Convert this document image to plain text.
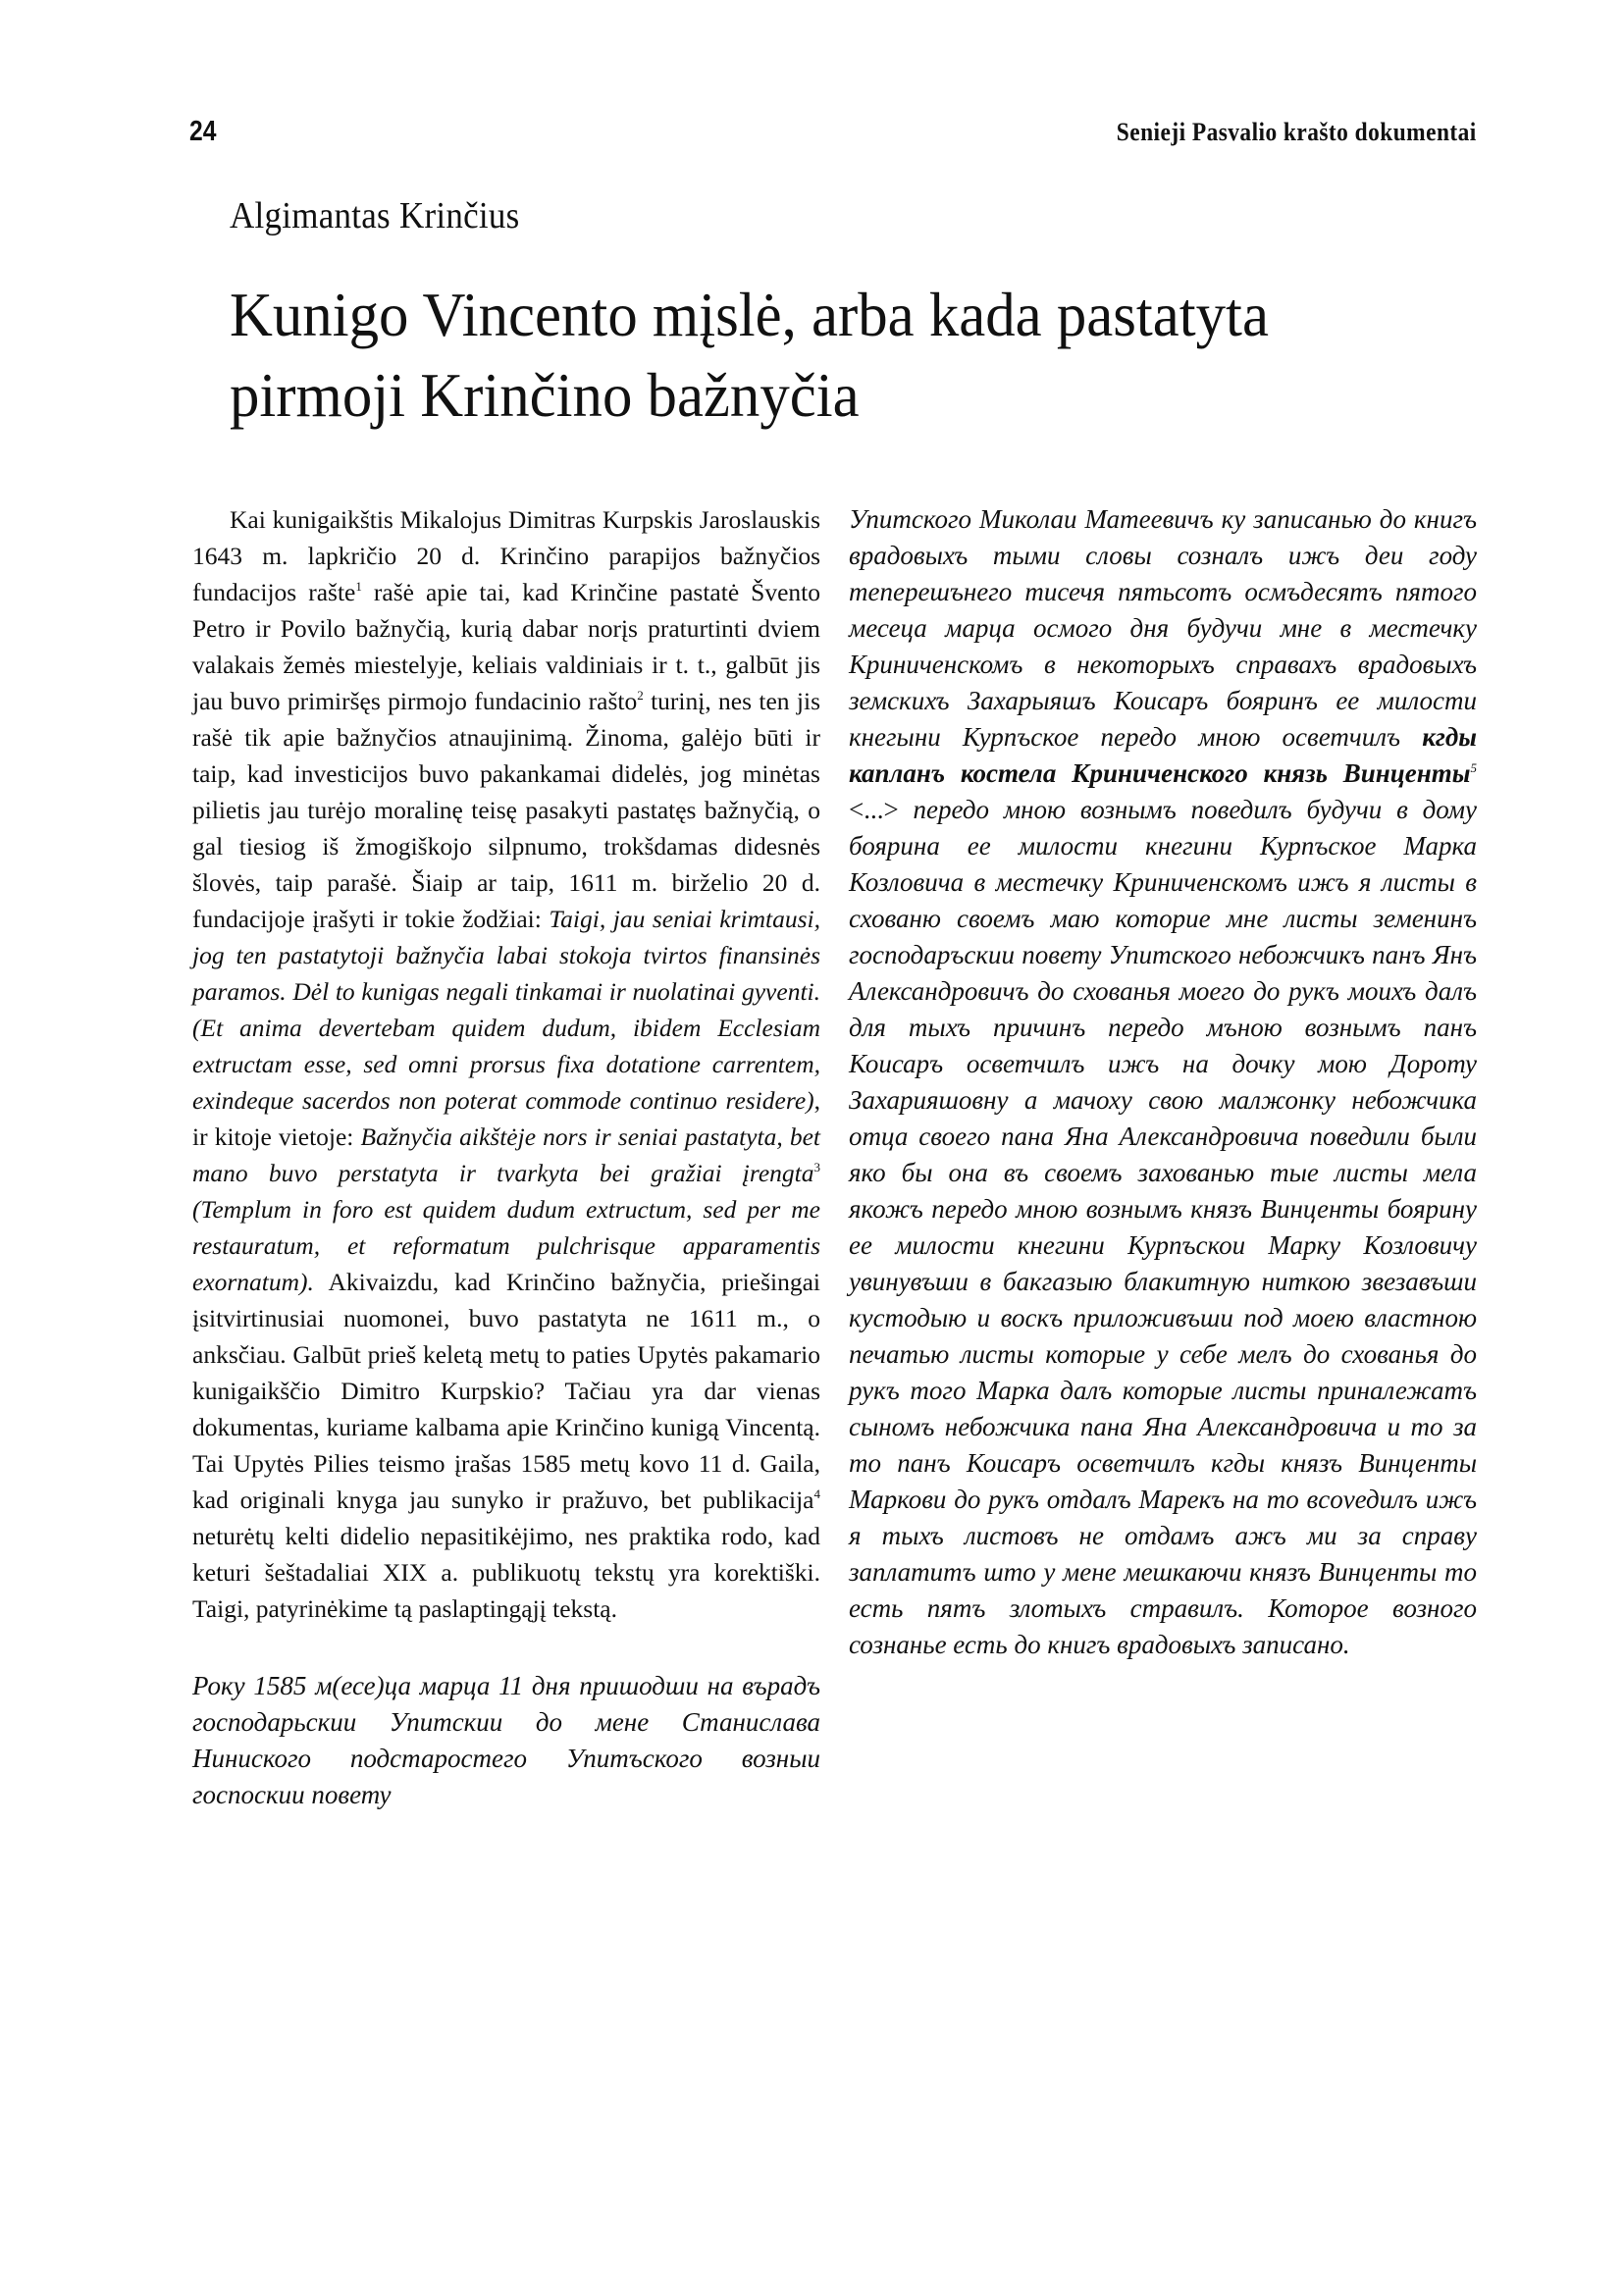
24	Senieji Pasvalio krašto dokumentai
Algimantas Krinčius
Kunigo Vincento mįslė, arba kada pastatyta
pirmoji Krinčino bažnyčia

Kai kunigaikštis Mikalojus Dimitras Kurpskis Jaroslauskis 1643 m. lapkričio 20 d. Krinčino parapijos bažnyčios fundacijos rašte$^1$ rašė apie tai, kad Krinčine pastatė Švento Petro ir Povilo bažnyčią, kurią dabar norįs praturtinti dviem valakais žemės miestelyje, keliais valdiniais ir t. t., galbūt jis jau buvo primiršęs pirmojo fundacinio rašto$^2$ turinį, nes ten jis rašė tik apie bažnyčios atnaujinimą. Žinoma, galėjo būti ir taip, kad investicijos buvo pakankamai didelės, jog minėtas pilietis jau turėjo moralinę teisę pasakyti pastatęs bažnyčią, o gal tiesiog iš žmogiškojo silpnumo, trokšdamas didesnės šlovės, taip parašė. Šiaip ar taip, 1611 m. birželio 20 d. fundacijoje įrašyti ir tokie žodžiai: Taigi, jau seniai krimtausi, jog ten pastatytoji bažnyčia labai stokoja tvirtos finansinės paramos. Dėl to kunigas negali tinkamai ir nuolatinai gyventi. (Et anima devertebam quidem dudum, ibidem Ecclesiam extructam esse, sed omni prorsus fixa dotatione carrentem, exindeque sacerdos non poterat commode continuo residere), ir kitoje vietoje: Bažnyčia aikštėje nors ir seniai pastatyta, bet mano buvo perstatyta ir tvarkyta bei gražiai įrengta$^3$ (Templum in foro est quidem dudum extructum, sed per me restauratum, et reformatum pulchrisque apparamentis exornatum). Akivaizdu, kad Krinčino bažnyčia, priešingai įsitvirtinusiai nuomonei, buvo pastatyta ne 1611 m., o anksčiau. Galbūt prieš keletą metų to paties Upytės pakamario kunigaikščio Dimitro Kurpskio? Tačiau yra dar vienas dokumentas, kuriame kalbama apie Krinčino kunigą Vincentą. Tai Upytės Pilies teismo įrašas 1585 metų kovo 11 d. Gaila, kad originali knyga jau sunyko ir pražuvo, bet publikacija$^4$ neturėtų kelti didelio nepasitikėjimo, nes praktika rodo, kad keturi šeštadaliai XIX a. publikuotų tekstų yra korektiški. Taigi, patyrinėkime tą paslaptingąjį tekstą.

Року 1585 м(есе)ца марца 11 дня пришодши на върадъ господарьскии Упитскии до мене Станислава Ниниского подстаростего Упитъского возныи госпоскии повету

Упитского Миколаи Матеевичъ ку записанью до книгъ врадовыхъ тыми словы созналъ ижъ деи году теперешънего тисечя пятьсотъ осмъдесятъ пятого месеца марца осмого дня будучи мне в местечку Криниченскомъ в некоторыхъ справахъ врадовыхъ земскихъ Захарыяшъ Коисаръ бояринъ ее милости кнегыни Курпъское передо мною осветчилъ кгды капланъ костела Криниченского князь Винценты$^5$ <...> передо мною вознымъ поведилъ будучи в дому боярина ее милости кнегини Курпъское Марка Козловича в местечку Криниченскомъ ижъ я листы в схованю своемъ маю которие мне листы земенинъ господаръскии повету Упитского небожчикъ панъ Янъ Александровичъ до схованья моего до рукъ моихъ далъ для тыхъ причинъ передо мъною вознымъ панъ Коисаръ осветчилъ ижъ на дочку мою Дороту Захарияшовну а мачоху свою малжонку небожчика отца своего пана Яна Александровича поведили были яко бы она въ своемъ захованью тые листы мела якожъ передо мною вознымъ князъ Винценты боярину ее милости кнегини Курпъскои Марку Козловичу увинувъши в бакгазыю блакитную ниткою звезавъши кустодыю и воскъ приложивъши под моею властною печатью листы которые у себе мелъ до схованья до рукъ того Марка далъ которые листы приналежатъ сыномъ небожчика пана Яна Александровича и то за то панъ Коисаръ осветчилъ кгды князъ Винценты Маркови до рукъ отдалъ Марекъ на то вcovедилъ ижъ я тыхъ листовъ не отдамъ ажъ ми за справу заплатитъ што у мене мешкаючи князъ Винценты то есть пятъ злотыхъ стравилъ. Которое возного сознанье есть до книгъ врадовыхъ записано.
